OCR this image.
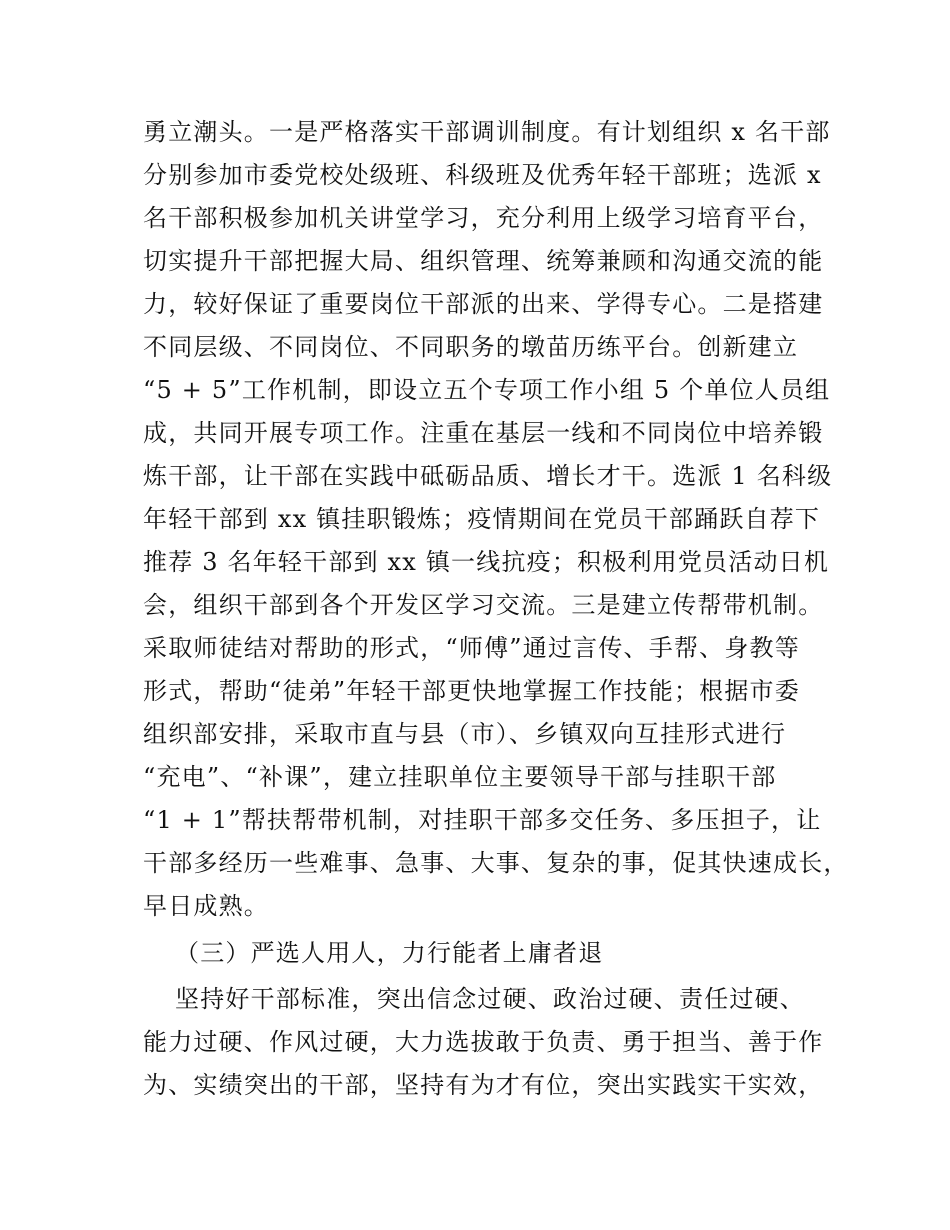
勇立潮头。一是严格落实干部调训制度。有计划组织 x 名干部
分别参加市委党校处级班、科级班及优秀年轻干部班；选派 x
名干部积极参加机关讲堂学习，充分利用上级学习培育平台，
切实提升干部把握大局、组织管理、统筹兼顾和沟通交流的能
力，较好保证了重要岗位干部派的出来、学得专心。二是搭建
不同层级、不同岗位、不同职务的墩苗历练平台。创新建立
“5 + 5”工作机制，即设立五个专项工作小组 5 个单位人员组
成，共同开展专项工作。注重在基层一线和不同岗位中培养锻
炼干部，让干部在实践中砥砺品质、增长才干。选派 1 名科级
年轻干部到 xx 镇挂职锻炼；疫情期间在党员干部踊跃自荐下
推荐 3 名年轻干部到 xx 镇一线抗疫；积极利用党员活动日机
会，组织干部到各个开发区学习交流。三是建立传帮带机制。
采取师徒结对帮助的形式，“师傅”通过言传、手帮、身教等
形式，帮助“徒弟”年轻干部更快地掌握工作技能；根据市委
组织部安排，采取市直与县（市）、乡镇双向互挂形式进行
“充电”、“补课”，建立挂职单位主要领导干部与挂职干部
“1 + 1”帮扶帮带机制，对挂职干部多交任务、多压担子，让
干部多经历一些难事、急事、大事、复杂的事，促其快速成长，
早日成熟。
（三）严选人用人，力行能者上庸者退
坚持好干部标准，突出信念过硬、政治过硬、责任过硬、
能力过硬、作风过硬，大力选拔敢于负责、勇于担当、善于作
为、实绩突出的干部，坚持有为才有位，突出实践实干实效，
